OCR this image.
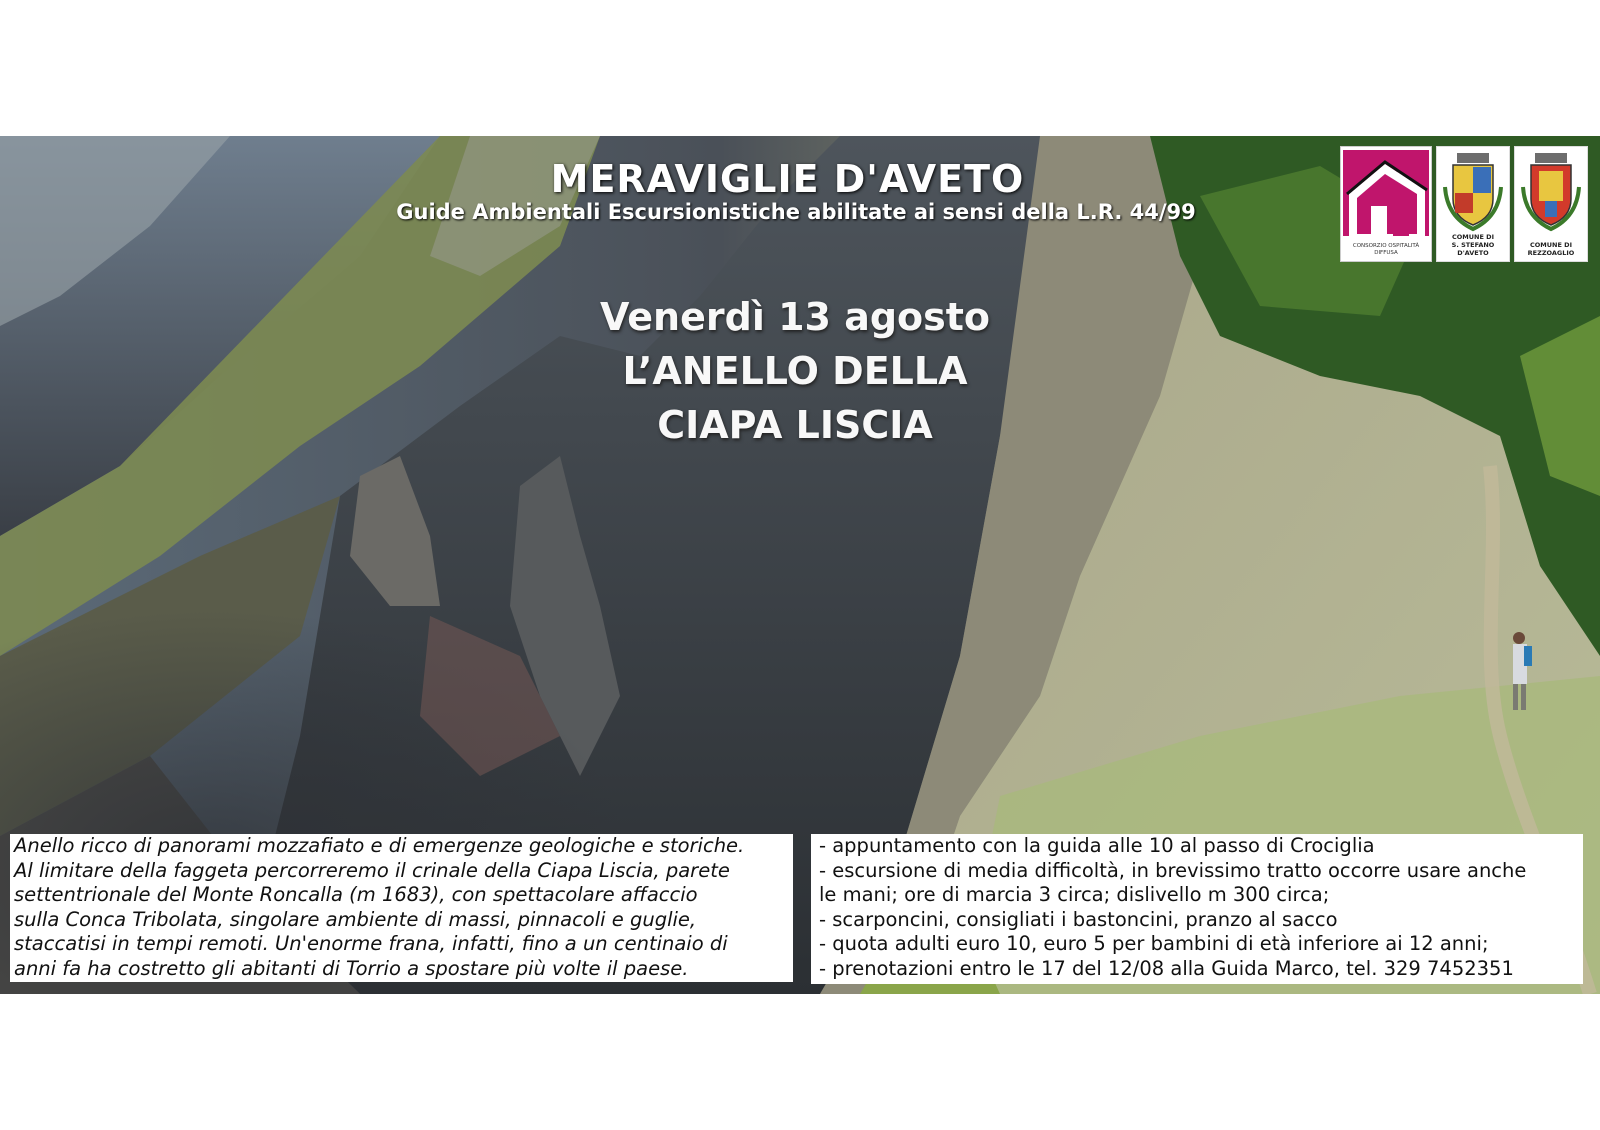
MERAVIGLIE D'AVETO
Guide Ambientali Escursionistiche abilitate ai sensi della L.R. 44/99
Venerdì 13 agosto
L’ANELLO DELLA
CIAPA LISCIA
CONSORZIO OSPITALITÀ DIFFUSA
COMUNE DI
S. STEFANO D'AVETO
COMUNE DI
REZZOAGLIO
Anello ricco di panorami mozzafiato e di emergenze geologiche e storiche.
Al limitare della faggeta percorreremo il crinale della Ciapa Liscia, parete
settentrionale del Monte Roncalla (m 1683), con spettacolare affaccio
sulla Conca Tribolata, singolare ambiente di massi, pinnacoli e guglie,
staccatisi in tempi remoti. Un'enorme frana, infatti, fino a un centinaio di
anni fa ha costretto gli abitanti di Torrio a spostare più volte il paese.
- appuntamento con la guida alle 10 al passo di Crociglia
- escursione di media difficoltà, in brevissimo tratto occorre usare anche
le mani; ore di marcia 3 circa; dislivello m 300 circa;
- scarponcini, consigliati i bastoncini, pranzo al sacco
- quota adulti euro 10, euro 5 per bambini di età inferiore ai 12 anni;
- prenotazioni entro le 17 del 12/08 alla Guida Marco, tel. 329 7452351
